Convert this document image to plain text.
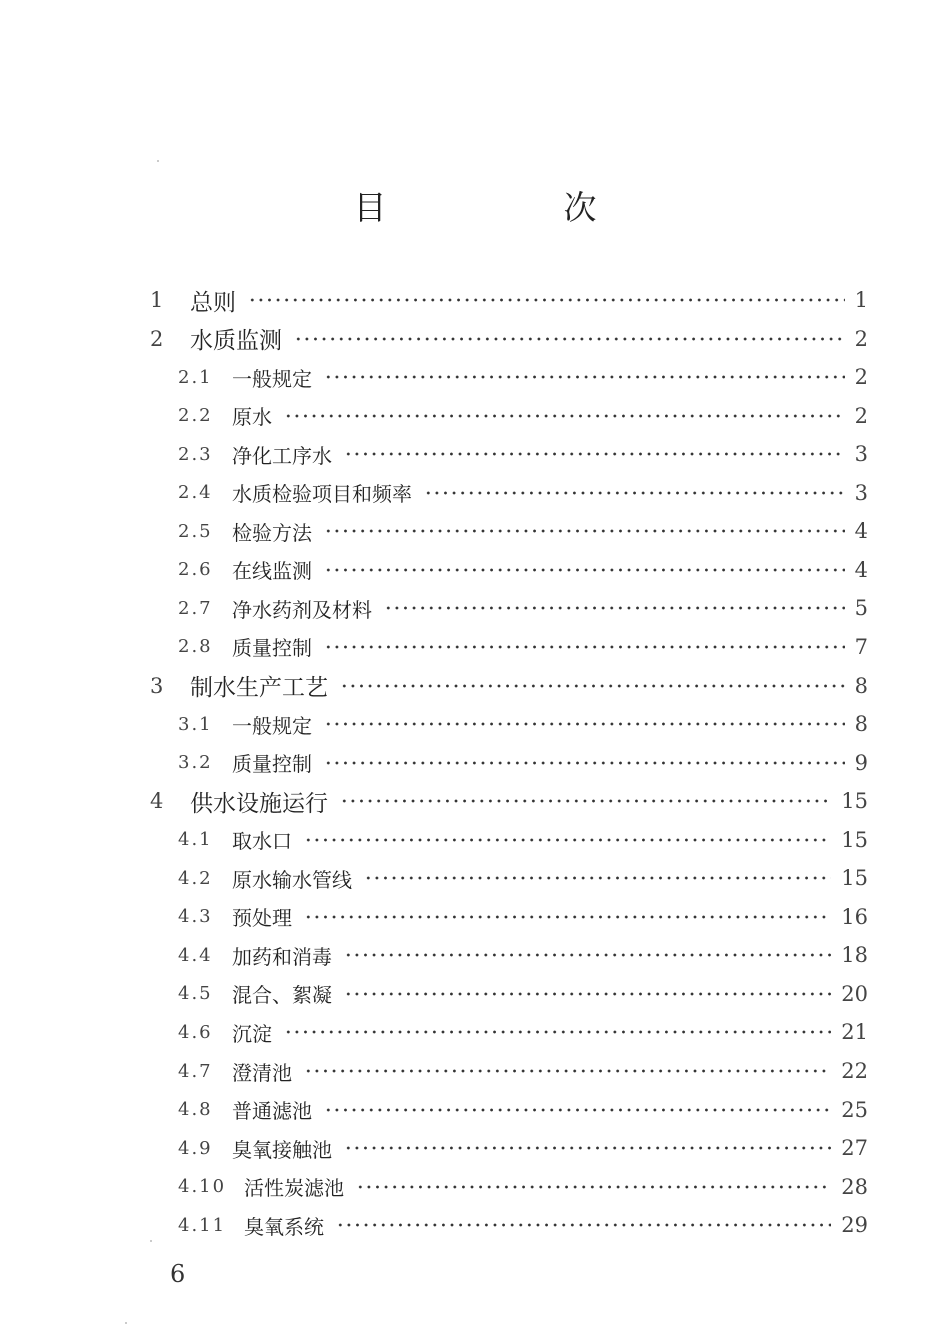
目　次
1 总则	1
2 水质监测	2
2.1 一般规定	2
2.2 原水	2
2.3 净化工序水	3
2.4 水质检验项目和频率	3
2.5 检验方法	4
2.6 在线监测	4
2.7 净水药剂及材料	5
2.8 质量控制	7
3 制水生产工艺	8
3.1 一般规定	8
3.2 质量控制	9
4 供水设施运行	15
4.1 取水口	15
4.2 原水输水管线	15
4.3 预处理	16
4.4 加药和消毒	18
4.5 混合、絮凝	20
4.6 沉淀	21
4.7 澄清池	22
4.8 普通滤池	25
4.9 臭氧接触池	27
4.10 活性炭滤池	28
4.11 臭氧系统	29
6
